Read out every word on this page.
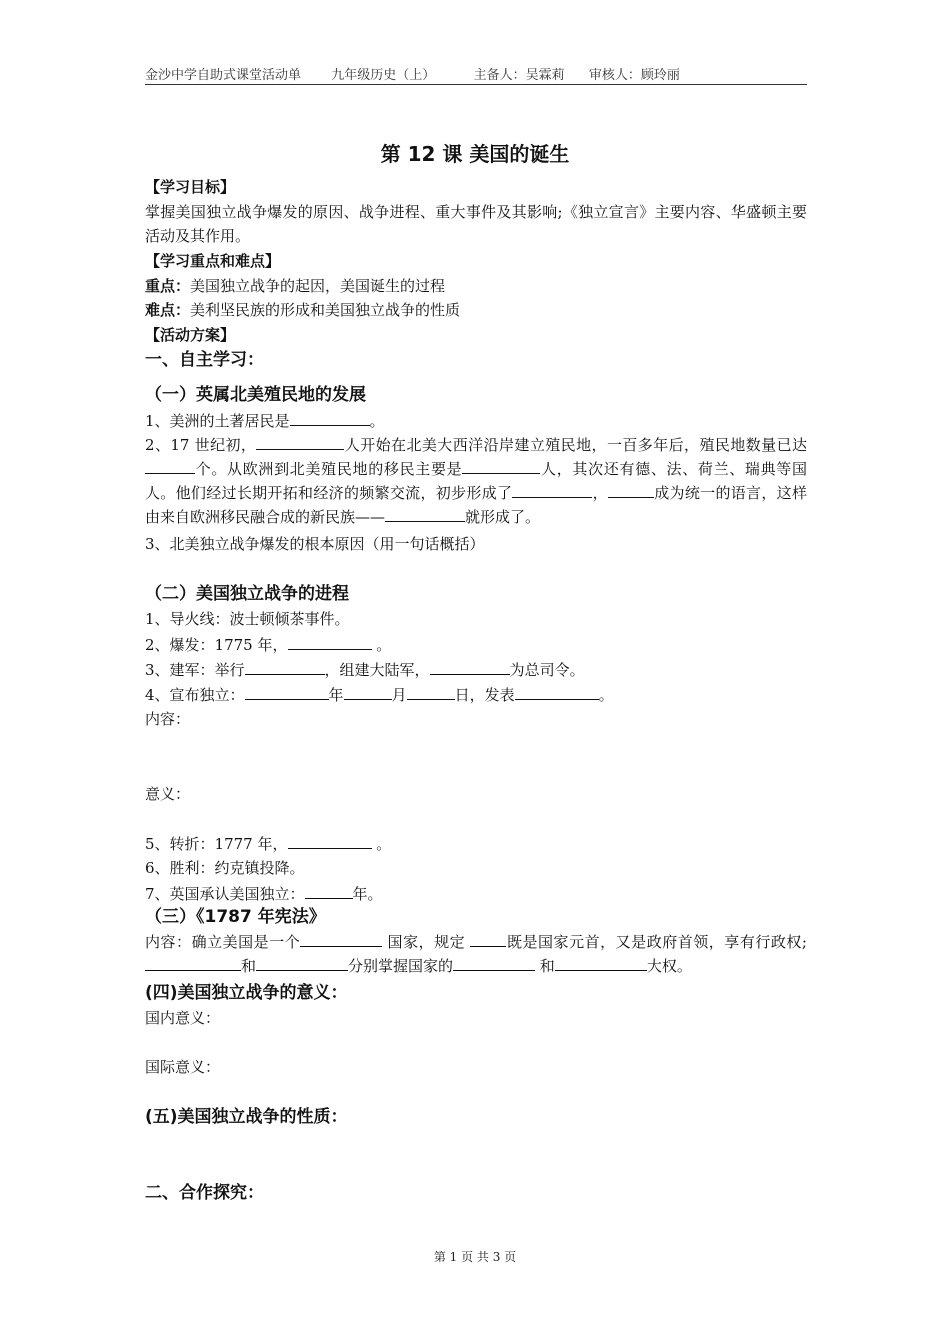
金沙中学自助式课堂活动单 九年级历史（上）	主备人：吴霖莉 审核人：顾玲丽
第 12 课 美国的诞生
【学习目标】
掌握美国独立战争爆发的原因、战争进程、重大事件及其影响;《独立宣言》主要内容、华盛顿主要活动及其作用。
【学习重点和难点】
重点：美国独立战争的起因，美国诞生的过程
难点：美利坚民族的形成和美国独立战争的性质
【活动方案】
一、自主学习：
（一）英属北美殖民地的发展
1、美洲的土著居民是	。
2、17 世纪初，	人开始在北美大西洋沿岸建立殖民地，一百多年后，殖民地数量已达个。从欧洲到北美殖民地的移民主要是	人，其次还有德、法、荷兰、瑞典等国人。他们经过长期开拓和经济的频繁交流，初步形成了	，	成为统一的语言，这样由来自欧洲移民融合成的新民族——	就形成了。
3、北美独立战争爆发的根本原因（用一句话概括）
（二）美国独立战争的进程
1、导火线：波士顿倾茶事件。
2、爆发：1775 年，	。
3、建军：举行	，组建大陆军，	为总司令。
4、宣布独立：	年	月	日，发表	。
内容：
意义：
5、转折：1777 年，	。
6、胜利：约克镇投降。
7、英国承认美国独立：	年。
（三）《1787 年宪法》
内容：确立美国是一个	国家，规定 既是国家元首，又是政府首领，享有行政权;和	分别掌握国家的	和	大权。
(四)美国独立战争的意义：
国内意义：
国际意义：
(五)美国独立战争的性质：
二、合作探究：
第 1 页 共 3 页
